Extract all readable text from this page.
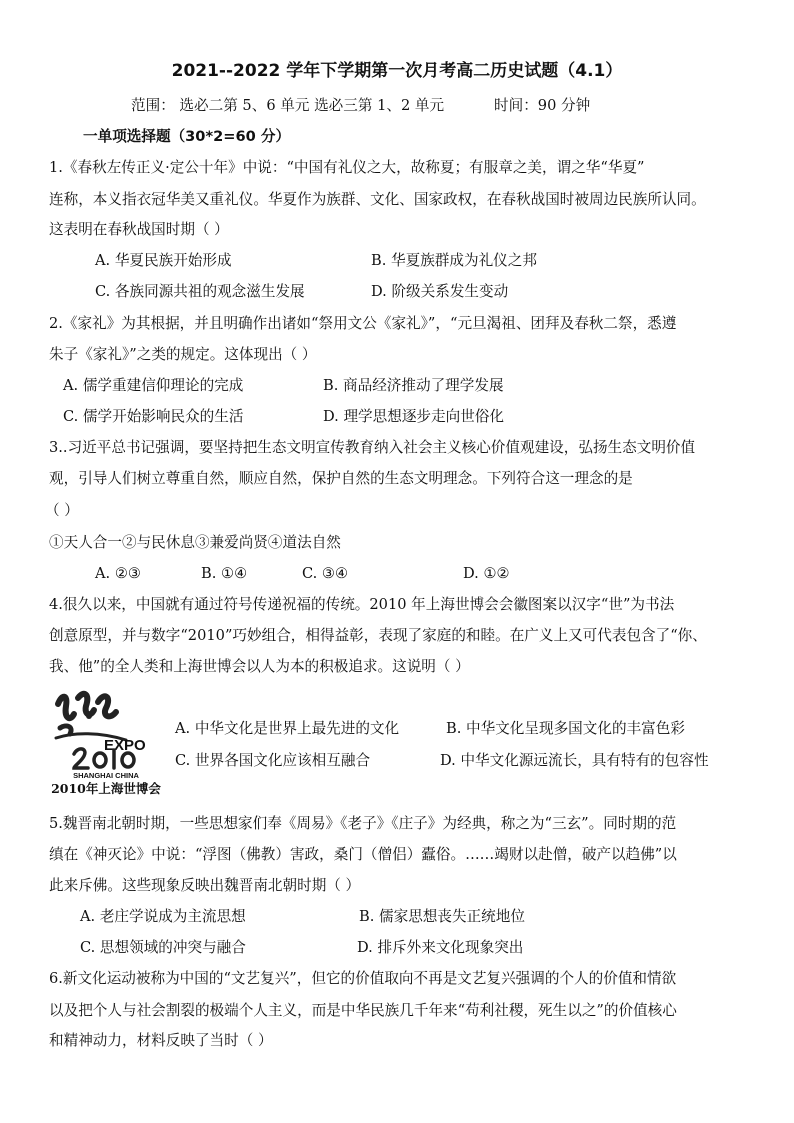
2021--2022 学年下学期第一次月考高二历史试题（4.1）
范围： 选必二第 5、6 单元 选必三第 1、2 单元	时间：90 分钟
一单项选择题（30*2=60 分）
1.《春秋左传正义·定公十年》中说：“中国有礼仪之大，故称夏；有服章之美，谓之华“华夏”
连称，本义指衣冠华美又重礼仪。华夏作为族群、文化、国家政权，在春秋战国时被周边民族所认同。
这表明在春秋战国时期（ ）
A. 华夏民族开始形成	B. 华夏族群成为礼仪之邦
C. 各族同源共祖的观念滋生发展	D. 阶级关系发生变动
2.《家礼》为其根据，并且明确作出诸如“祭用文公《家礼》”，“元旦渴祖、团拜及春秋二祭，悉遵
朱子《家礼》”之类的规定。这体现出（ ）
A. 儒学重建信仰理论的完成	B. 商品经济推动了理学发展
C. 儒学开始影响民众的生活	D. 理学思想逐步走向世俗化
3..习近平总书记强调，要坚持把生态文明宣传教育纳入社会主义核心价值观建设，弘扬生态文明价值
观，引导人们树立尊重自然，顺应自然，保护自然的生态文明理念。下列符合这一理念的是
（ ）
①天人合一②与民休息③兼爱尚贤④道法自然
A. ②③	B. ①④	C. ③④	D. ①②
4.很久以来，中国就有通过符号传递祝福的传统。2010 年上海世博会会徽图案以汉字“世”为书法
创意原型，并与数字“2010”巧妙组合，相得益彰，表现了家庭的和睦。在广义上又可代表包含了“你、
我、他”的全人类和上海世博会以人为本的积极追求。这说明（ ）
EXPO
SHANGHAI CHINA
2010年上海世博会
A. 中华文化是世界上最先进的文化	B. 中华文化呈现多国文化的丰富色彩
C. 世界各国文化应该相互融合	D. 中华文化源远流长，具有特有的包容性
5.魏晋南北朝时期，一些思想家们奉《周易》《老子》《庄子》为经典，称之为“三玄”。同时期的范
缜在《神灭论》中说：“浮图（佛教）害政，桑门（僧侣）蠹俗。……竭财以赴僧，破产以趋佛”以
此来斥佛。这些现象反映出魏晋南北朝时期（ ）
A. 老庄学说成为主流思想	B. 儒家思想丧失正统地位
C. 思想领域的冲突与融合	D. 排斥外来文化现象突出
6.新文化运动被称为中国的“文艺复兴”，但它的价值取向不再是文艺复兴强调的个人的价值和情欲
以及把个人与社会割裂的极端个人主义，而是中华民族几千年来“苟利社稷，死生以之”的价值核心
和精神动力，材料反映了当时（ ）
